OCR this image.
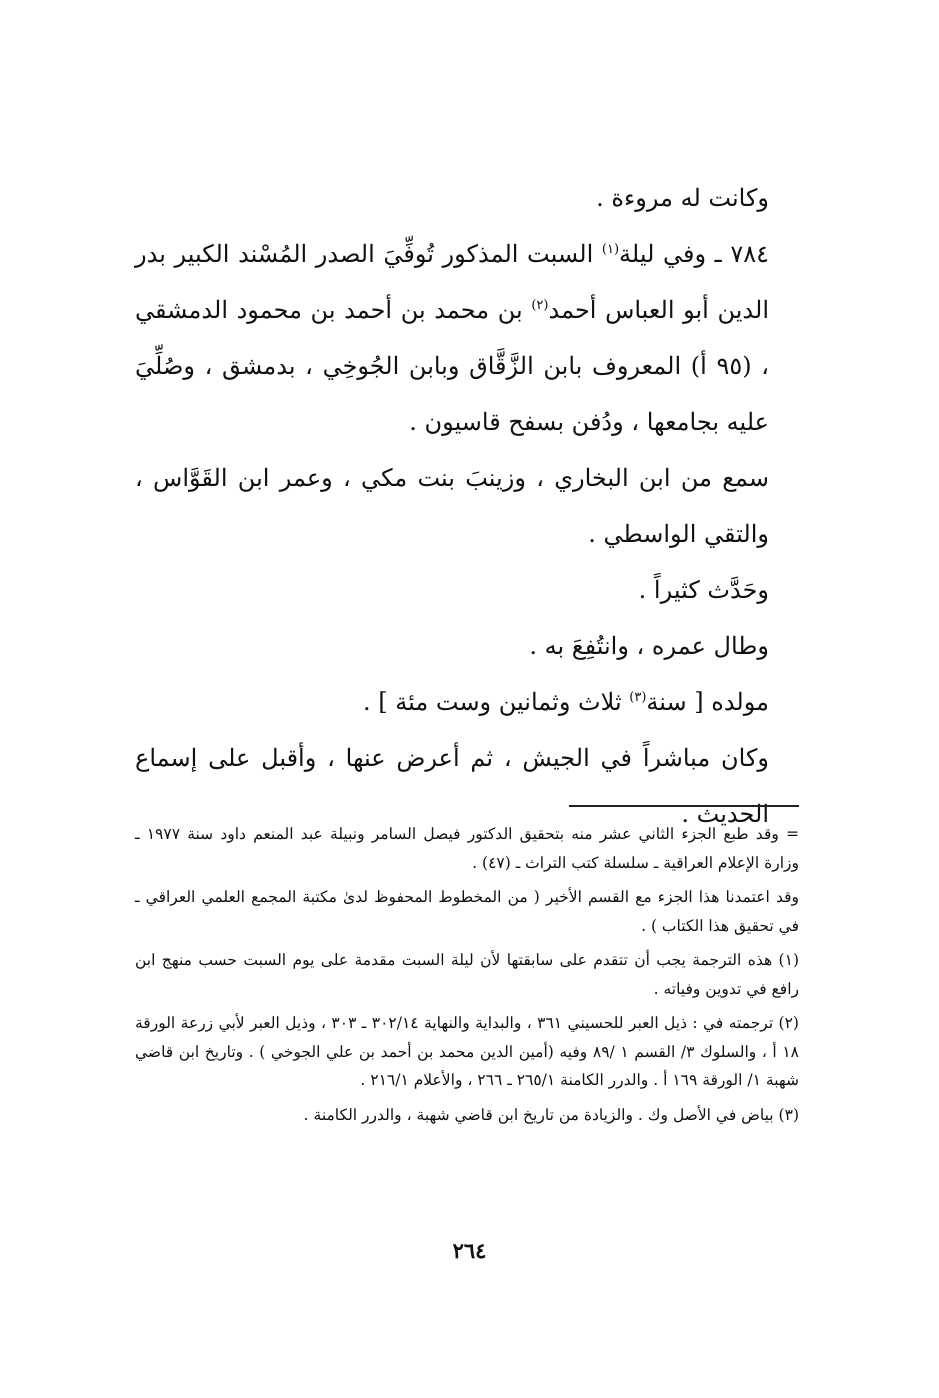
وكانت له مروءة .

٧٨٤ ـ وفي ليلة$^{(١)}$ السبت المذكور تُوفِّيَ الصدر المُسْند الكبير بدر الدين أبو العباس أحمد$^{(٢)}$ بن محمد بن أحمد بن محمود الدمشقي ، (٩٥ أ) المعروف بابن الزَّقَّاق وبابن الجُوخِي ، بدمشق ، وصُلِّيَ عليه بجامعها ، ودُفن بسفح قاسيون .

سمع من ابن البخاري ، وزينبَ بنت مكي ، وعمر ابن القَوَّاس ، والتقي الواسطي .

وحَدَّث كثيراً .

وطال عمره ، وانتُفِعَ به .

مولده [ سنة$^{(٣)}$ ثلاث وثمانين وست مئة ] .

وكان مباشراً في الجيش ، ثم أعرض عنها ، وأقبل على إسماع الحديث .

= وقد طبع الجزء الثاني عشر منه بتحقيق الدكتور فيصل السامر ونبيلة عبد المنعم داود سنة ١٩٧٧ ـ وزارة الإعلام العراقية ـ سلسلة كتب التراث ـ (٤٧) .

وقد اعتمدنا هذا الجزء مع القسم الأخير ( من المخطوط المحفوظ لدىٰ مكتبة المجمع العلمي العراقي ـ في تحقيق هذا الكتاب ) .

(١) هذه الترجمة يجب أن تتقدم على سابقتها لأن ليلة السبت مقدمة على يوم السبت حسب منهج ابن رافع في تدوين وفياته .

(٢) ترجمته في : ذيل العبر للحسيني ٣٦١ ، والبداية والنهاية ٣٠٢/١٤ ـ ٣٠٣ ، وذيل العبر لأبي زرعة الورقة ١٨ أ ، والسلوك ٣/ القسم ١ /٨٩ وفيه (أمين الدين محمد بن أحمد بن علي الجوخي ) . وتاريخ ابن قاضي شهبة ١/ الورقة ١٦٩ أ . والدرر الكامنة ٢٦٥/١ ـ ٢٦٦ ، والأعلام ٢١٦/١ .

(٣) بياض في الأصل وك . والزيادة من تاريخ ابن قاضي شهبة ، والدرر الكامنة .

٢٦٤
